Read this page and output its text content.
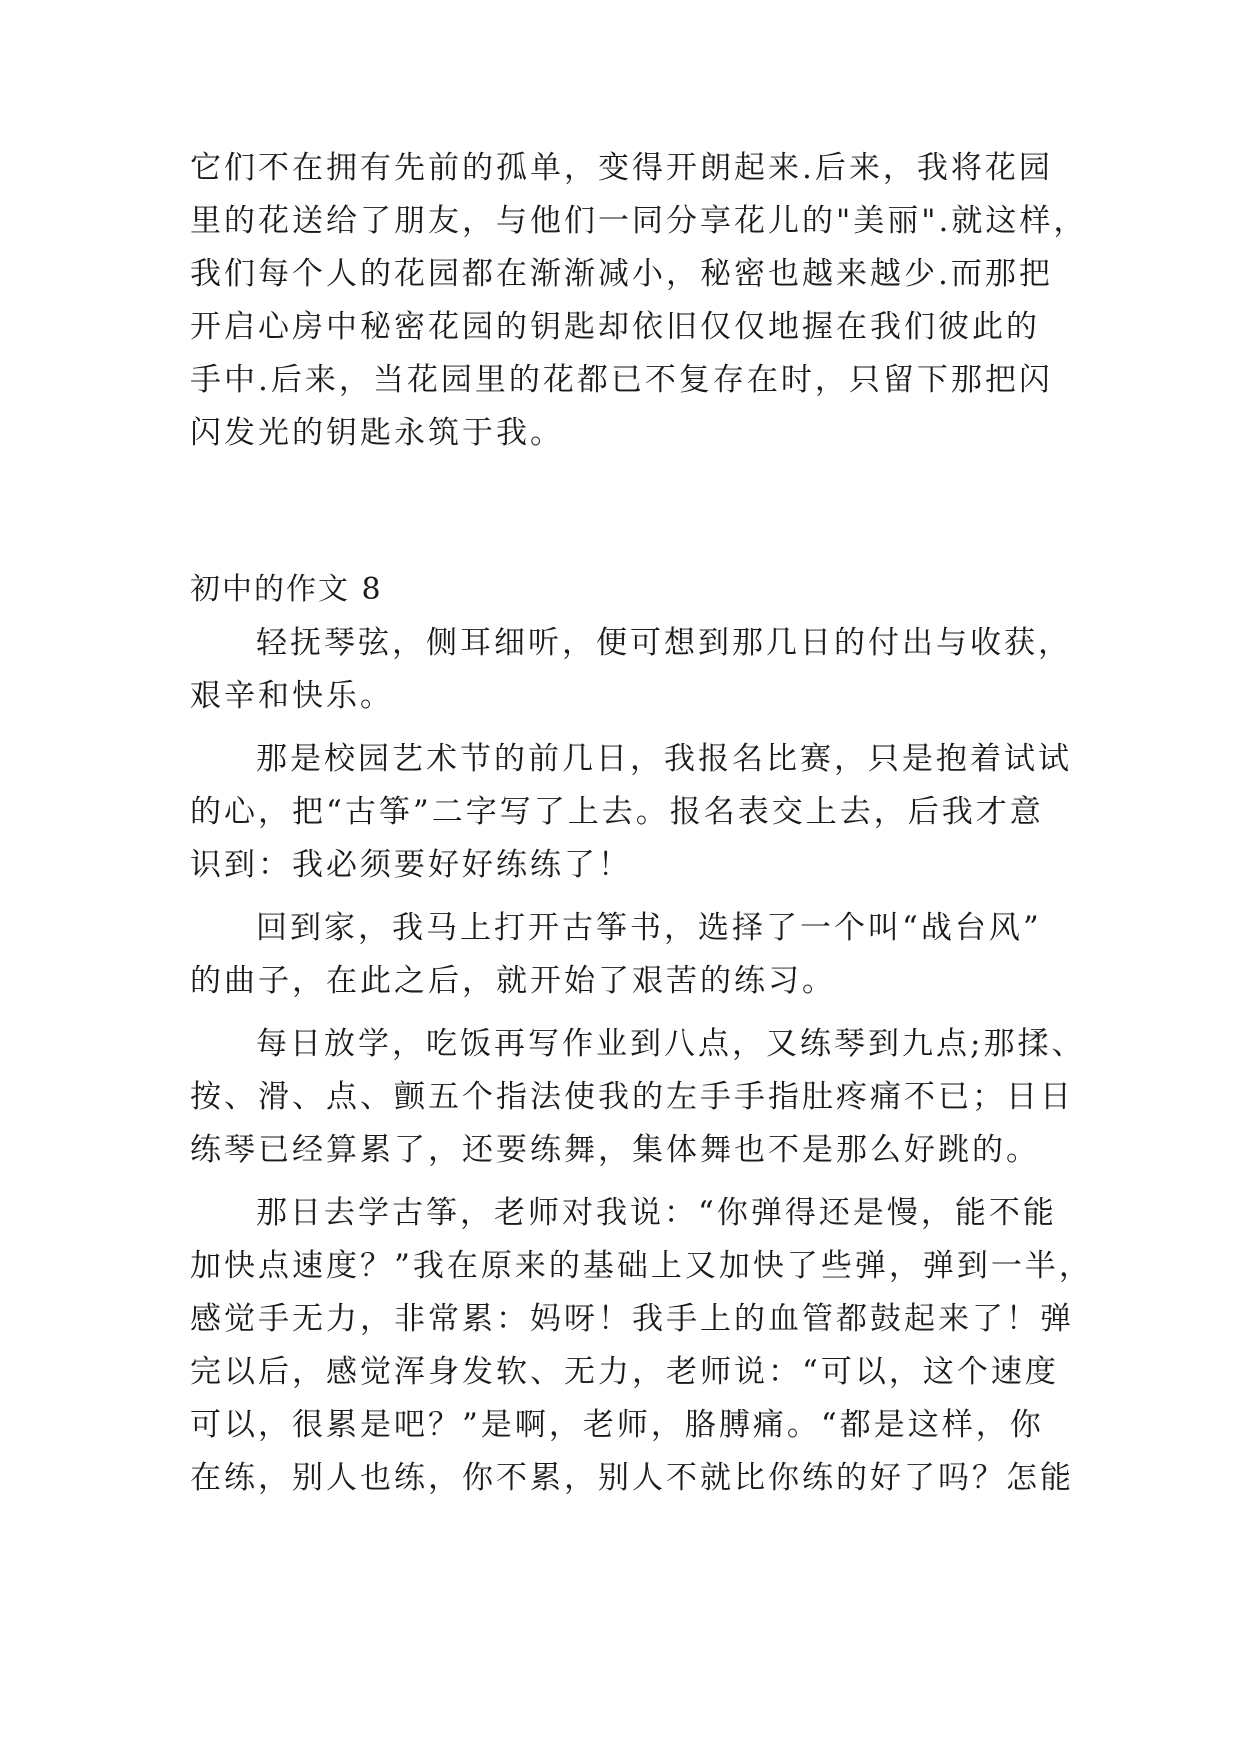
它们不在拥有先前的孤单，变得开朗起来.后来，我将花园
里的花送给了朋友，与他们一同分享花儿的"美丽".就这样，
我们每个人的花园都在渐渐减小，秘密也越来越少.而那把
开启心房中秘密花园的钥匙却依旧仅仅地握在我们彼此的
手中.后来，当花园里的花都已不复存在时，只留下那把闪
闪发光的钥匙永筑于我。
初中的作文 8
轻抚琴弦，侧耳细听，便可想到那几日的付出与收获，
艰辛和快乐。
那是校园艺术节的前几日，我报名比赛，只是抱着试试
的心，把“古筝”二字写了上去。报名表交上去，后我才意
识到：我必须要好好练练了！
回到家，我马上打开古筝书，选择了一个叫“战台风”
的曲子，在此之后，就开始了艰苦的练习。
每日放学，吃饭再写作业到八点，又练琴到九点;那揉、
按、滑、点、颤五个指法使我的左手手指肚疼痛不已；日日
练琴已经算累了，还要练舞，集体舞也不是那么好跳的。
那日去学古筝，老师对我说：“你弹得还是慢，能不能
加快点速度？”我在原来的基础上又加快了些弹，弹到一半，
感觉手无力，非常累：妈呀！我手上的血管都鼓起来了！弹
完以后，感觉浑身发软、无力，老师说：“可以，这个速度
可以，很累是吧？”是啊，老师，胳膊痛。“都是这样，你
在练，别人也练，你不累，别人不就比你练的好了吗？怎能
